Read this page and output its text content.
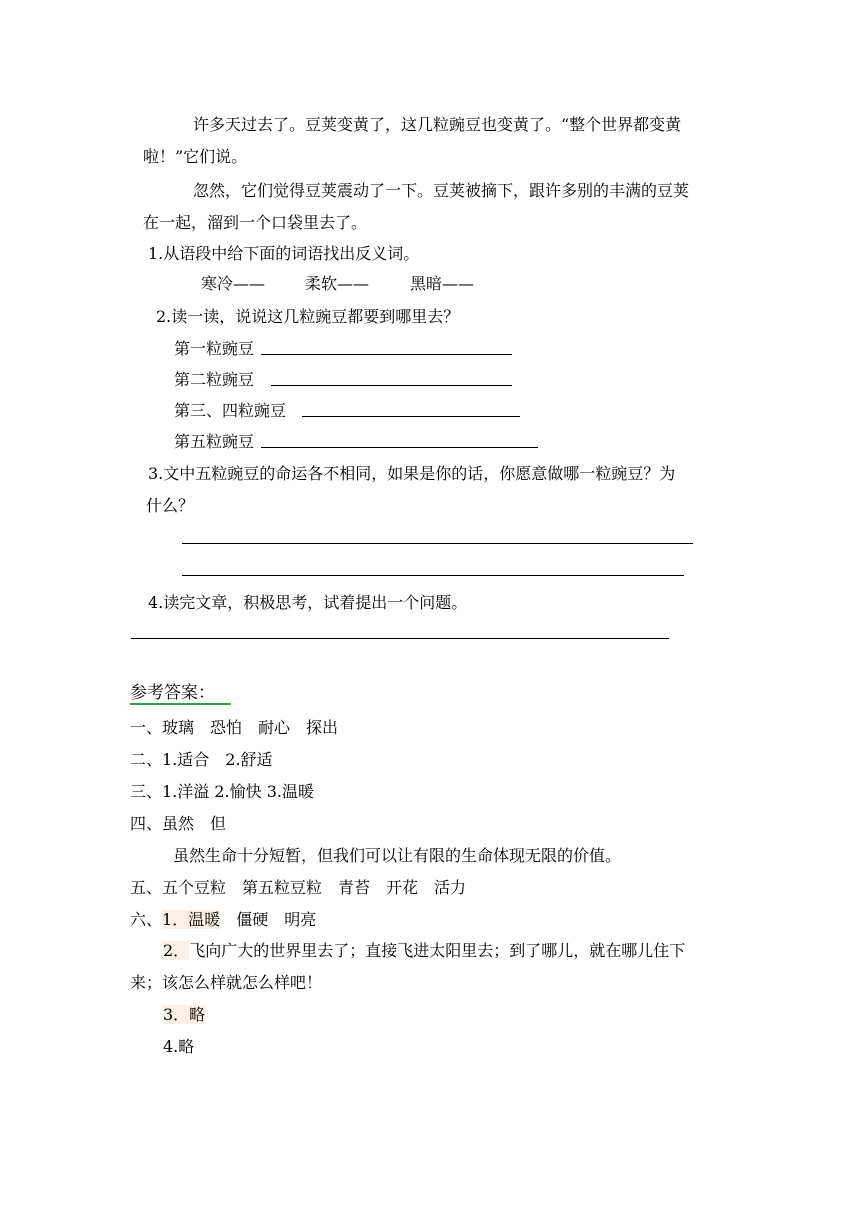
许多天过去了。豆荚变黄了，这几粒豌豆也变黄了。“整个世界都变黄
啦！”它们说。
忽然，它们觉得豆荚震动了一下。豆荚被摘下，跟许多别的丰满的豆荚
在一起，溜到一个口袋里去了。
1.从语段中给下面的词语找出反义词。
寒冷—— 柔软——	黑暗——
2.读一读，说说这几粒豌豆都要到哪里去？
第一粒豌豆
第二粒豌豆
第三、四粒豌豆
第五粒豌豆
3.文中五粒豌豆的命运各不相同，如果是你的话，你愿意做哪一粒豌豆？为
什么？
4.读完文章，积极思考，试着提出一个问题。
参考答案：
一、玻璃　恐怕　耐心　探出
二、1.适合　2.舒适
三、1.洋溢 2.愉快 3.温暖
四、虽然　但
虽然生命十分短暂，但我们可以让有限的生命体现无限的价值。
五、五个豆粒　第五粒豆粒　青苔　开花　活力
六、1．温暖　 僵硬　明亮
2．飞向广大的世界里去了；直接飞进太阳里去；到了哪儿，就在哪儿住下
来；该怎么样就怎么样吧！
3．略
4.略
